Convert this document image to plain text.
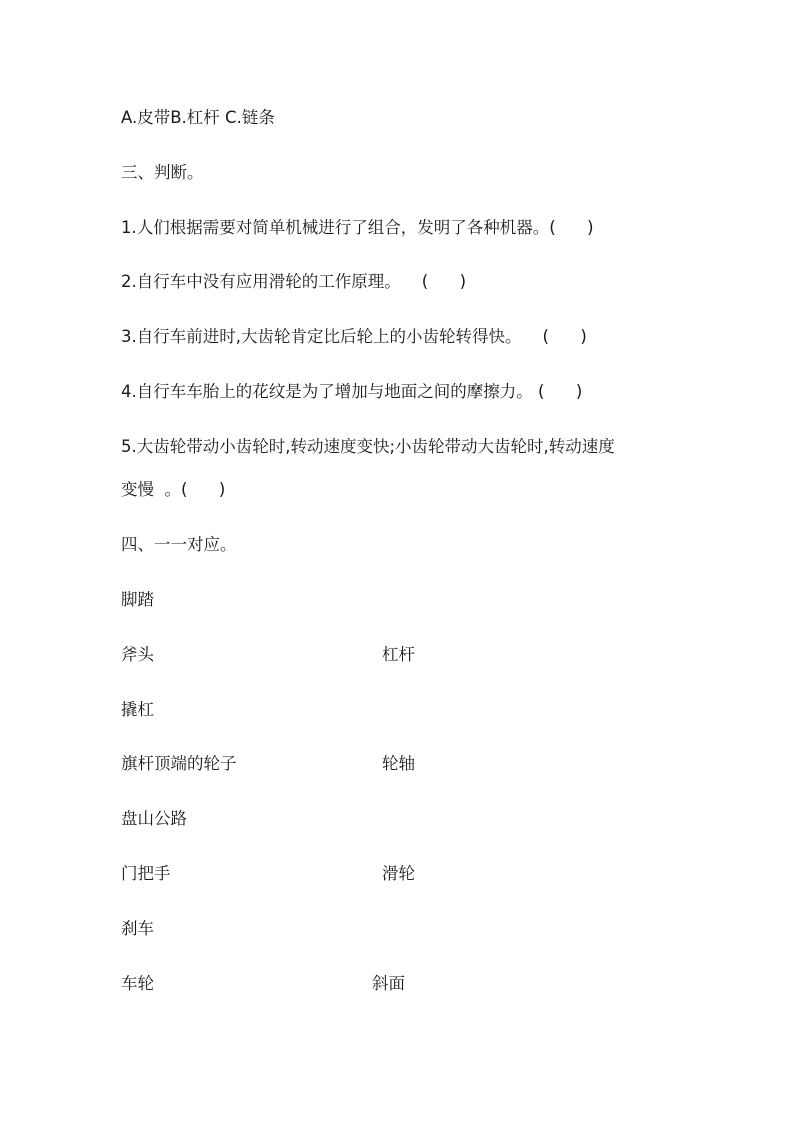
A.皮带B.杠杆 C.链条
三、判断。
1.人们根据需要对简单机械进行了组合，发明了各种机器。(      )
2.自行车中没有应用滑轮的工作原理。    (      )
3.自行车前进时,大齿轮肯定比后轮上的小齿轮转得快。    (      )
4.自行车车胎上的花纹是为了增加与地面之间的摩擦力。 (      )
5.大齿轮带动小齿轮时,转动速度变快;小齿轮带动大齿轮时,转动速度
变慢  。(      )
四、一一对应。
脚踏
斧头
撬杠
旗杆顶端的轮子
盘山公路
门把手
刹车
车轮
杠杆
轮轴
滑轮
斜面
